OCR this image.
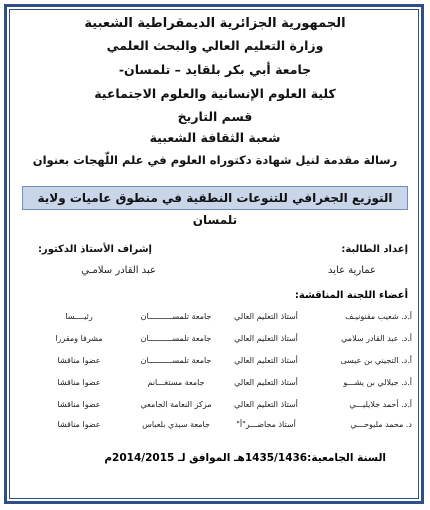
الجمهورية الجزائرية الديمقراطية الشعبية
وزارة التعليم العالي والبحث العلمي
جامعة أبي بكر بلقايد – تلمسان-
كلية العلوم الإنسانية والعلوم الاجتماعية
قسم التاريخ
شعبة الثقافة الشعبية
رسالة مقدمة لنيل شهادة دكتوراه العلوم في علم اللّهجات بعنوان
التوزيع الجغرافي للتنوعات النطقية في منطوق عاميات ولاية تلمسان
إعداد الطالبة:
إشراف الأستاذ الدكتور:
عمارية عايد
عبد القادر سلامـي
أعضاء اللجنة المناقشة:
أ.د. شعيب مقنونيـف
أستاذ التعليم العالي
جامعة تلمســــــــــان
رئيــــسا
أ.د. عبد القادر سلامي
أستاذ التعليم العالي
جامعة تلمســــــــــان
مشرفا ومقررا
أ.د. التجيني بن عيسى
أستاذ التعليم العالي
جامعة تلمســــــــــان
عضوا مناقشا
أ.د. جيلالي بن يشـــو
أستاذ التعليم العالي
جامعة مستغـــانم
عضوا مناقشا
أ.د. أحمد جلايليـــي
أستاذ التعليم العالي
مركز النعامة الجامعي
عضوا مناقشا
د. محمد مليوحـــي
أستاذ محاضـــر"أ"
جامعة سيدي بلعباس
عضوا مناقشا
السنة الجامعية:1435/1436هـ الموافق لـ 2014/2015م
